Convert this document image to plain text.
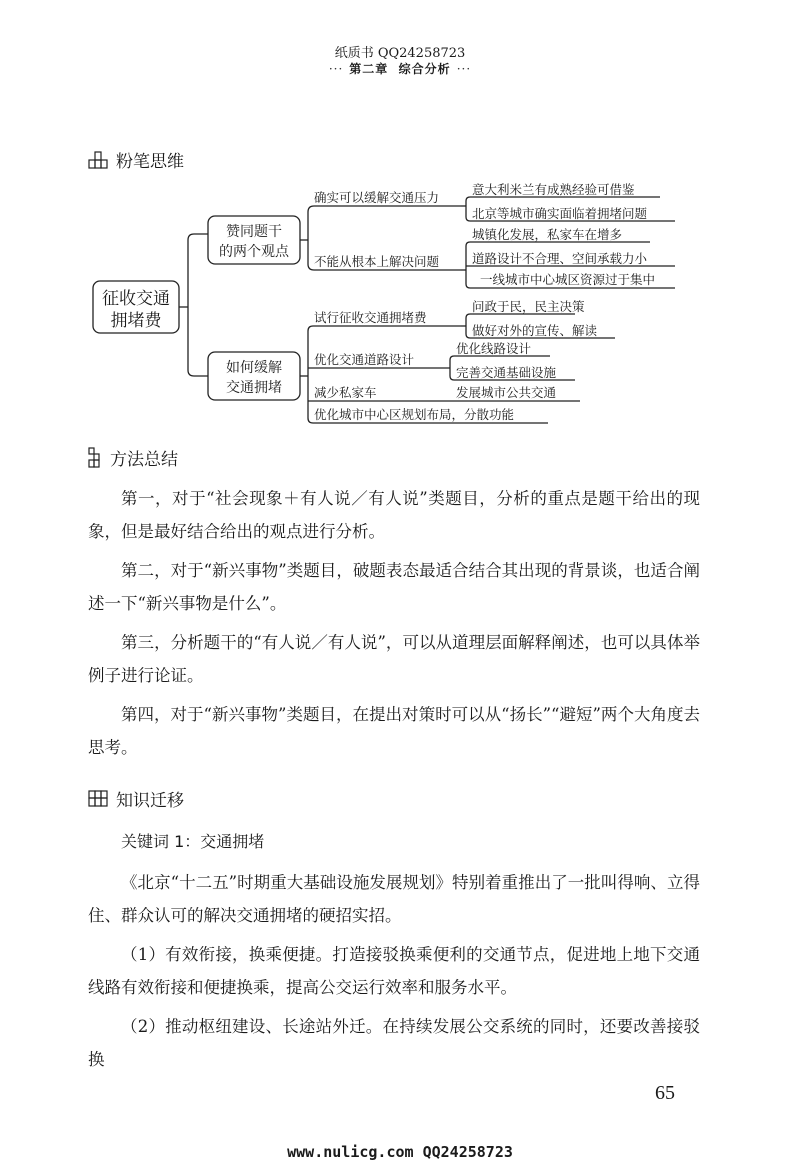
纸质书 QQ24258723
··· 第二章 综合分析 ···
粉笔思维
征收交通
拥堵费
赞同题干
的两个观点
如何缓解
交通拥堵
确实可以缓解交通压力
不能从根本上解决问题
意大利米兰有成熟经验可借鉴
北京等城市确实面临着拥堵问题
城镇化发展，私家车在增多
道路设计不合理、空间承载力小
一线城市中心城区资源过于集中
试行征收交通拥堵费
优化交通道路设计
减少私家车
优化城市中心区规划布局，分散功能
问政于民，民主决策
做好对外的宣传、解读
优化线路设计
完善交通基础设施
发展城市公共交通
方法总结
第一，对于“社会现象＋有人说／有人说”类题目，分析的重点是题干给出的现象，但是最好结合给出的观点进行分析。
第二，对于“新兴事物”类题目，破题表态最适合结合其出现的背景谈，也适合阐述一下“新兴事物是什么”。
第三，分析题干的“有人说／有人说”，可以从道理层面解释阐述，也可以具体举例子进行论证。
第四，对于“新兴事物”类题目，在提出对策时可以从“扬长”“避短”两个大角度去思考。
知识迁移
关键词 1：交通拥堵
《北京“十二五”时期重大基础设施发展规划》特别着重推出了一批叫得响、立得住、群众认可的解决交通拥堵的硬招实招。
（1）有效衔接，换乘便捷。打造接驳换乘便利的交通节点，促进地上地下交通线路有效衔接和便捷换乘，提高公交运行效率和服务水平。
（2）推动枢纽建设、长途站外迁。在持续发展公交系统的同时，还要改善接驳换
65
www.nulicg.com QQ24258723
